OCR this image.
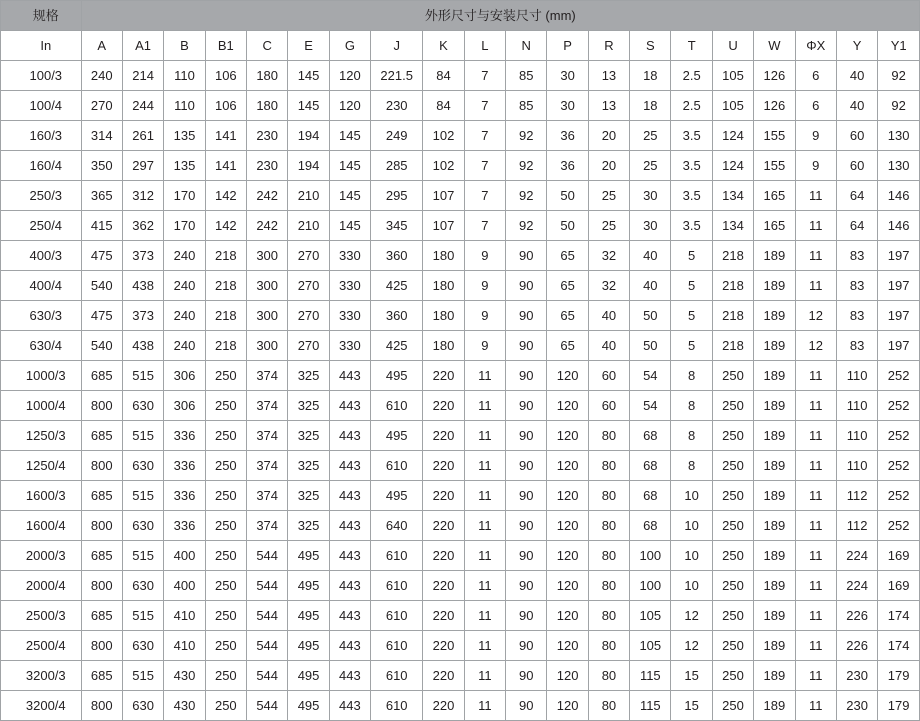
规格	外形尺寸与安装尺寸 (mm)																			
In	A	A1	B	B1	C	E	G	J	K	L	N	P	R	S	T	U	W	ΦX	Y	Y1
100/3	240	214	110	106	180	145	120	221.5	84	7	85	30	13	18	2.5	105	126	6	40	92
100/4	270	244	110	106	180	145	120	230	84	7	85	30	13	18	2.5	105	126	6	40	92
160/3	314	261	135	141	230	194	145	249	102	7	92	36	20	25	3.5	124	155	9	60	130
160/4	350	297	135	141	230	194	145	285	102	7	92	36	20	25	3.5	124	155	9	60	130
250/3	365	312	170	142	242	210	145	295	107	7	92	50	25	30	3.5	134	165	11	64	146
250/4	415	362	170	142	242	210	145	345	107	7	92	50	25	30	3.5	134	165	11	64	146
400/3	475	373	240	218	300	270	330	360	180	9	90	65	32	40	5	218	189	11	83	197
400/4	540	438	240	218	300	270	330	425	180	9	90	65	32	40	5	218	189	11	83	197
630/3	475	373	240	218	300	270	330	360	180	9	90	65	40	50	5	218	189	12	83	197
630/4	540	438	240	218	300	270	330	425	180	9	90	65	40	50	5	218	189	12	83	197
1000/3	685	515	306	250	374	325	443	495	220	11	90	120	60	54	8	250	189	11	110	252
1000/4	800	630	306	250	374	325	443	610	220	11	90	120	60	54	8	250	189	11	110	252
1250/3	685	515	336	250	374	325	443	495	220	11	90	120	80	68	8	250	189	11	110	252
1250/4	800	630	336	250	374	325	443	610	220	11	90	120	80	68	8	250	189	11	110	252
1600/3	685	515	336	250	374	325	443	495	220	11	90	120	80	68	10	250	189	11	112	252
1600/4	800	630	336	250	374	325	443	640	220	11	90	120	80	68	10	250	189	11	112	252
2000/3	685	515	400	250	544	495	443	610	220	11	90	120	80	100	10	250	189	11	224	169
2000/4	800	630	400	250	544	495	443	610	220	11	90	120	80	100	10	250	189	11	224	169
2500/3	685	515	410	250	544	495	443	610	220	11	90	120	80	105	12	250	189	11	226	174
2500/4	800	630	410	250	544	495	443	610	220	11	90	120	80	105	12	250	189	11	226	174
3200/3	685	515	430	250	544	495	443	610	220	11	90	120	80	115	15	250	189	11	230	179
3200/4	800	630	430	250	544	495	443	610	220	11	90	120	80	115	15	250	189	11	230	179
